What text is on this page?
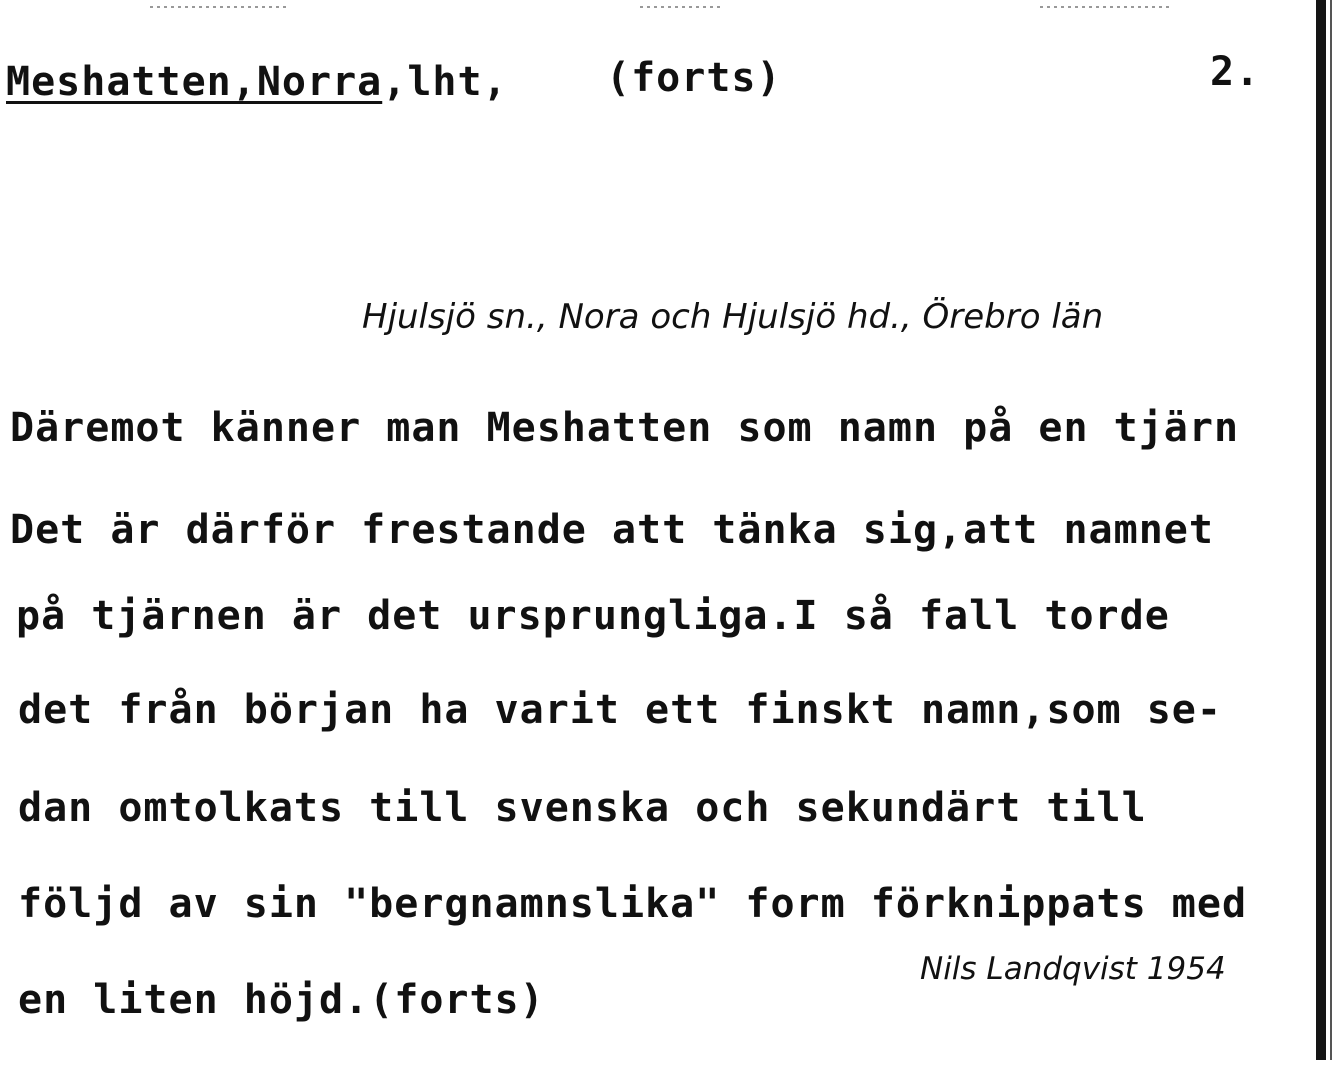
Meshatten,Norra,lht, (forts)	2.
Hjulsjö sn., Nora och Hjulsjö hd., Örebro län
Däremot känner man Meshatten som namn på en tjärn
Det är därför frestande att tänka sig,att namnet
på tjärnen är det ursprungliga.I så fall torde
det från början ha varit ett finskt namn,som se-
dan omtolkats till svenska och sekundärt till
följd av sin "bergnamnslika" form förknippats med
en liten höjd.(forts)
Nils Landqvist 1954
